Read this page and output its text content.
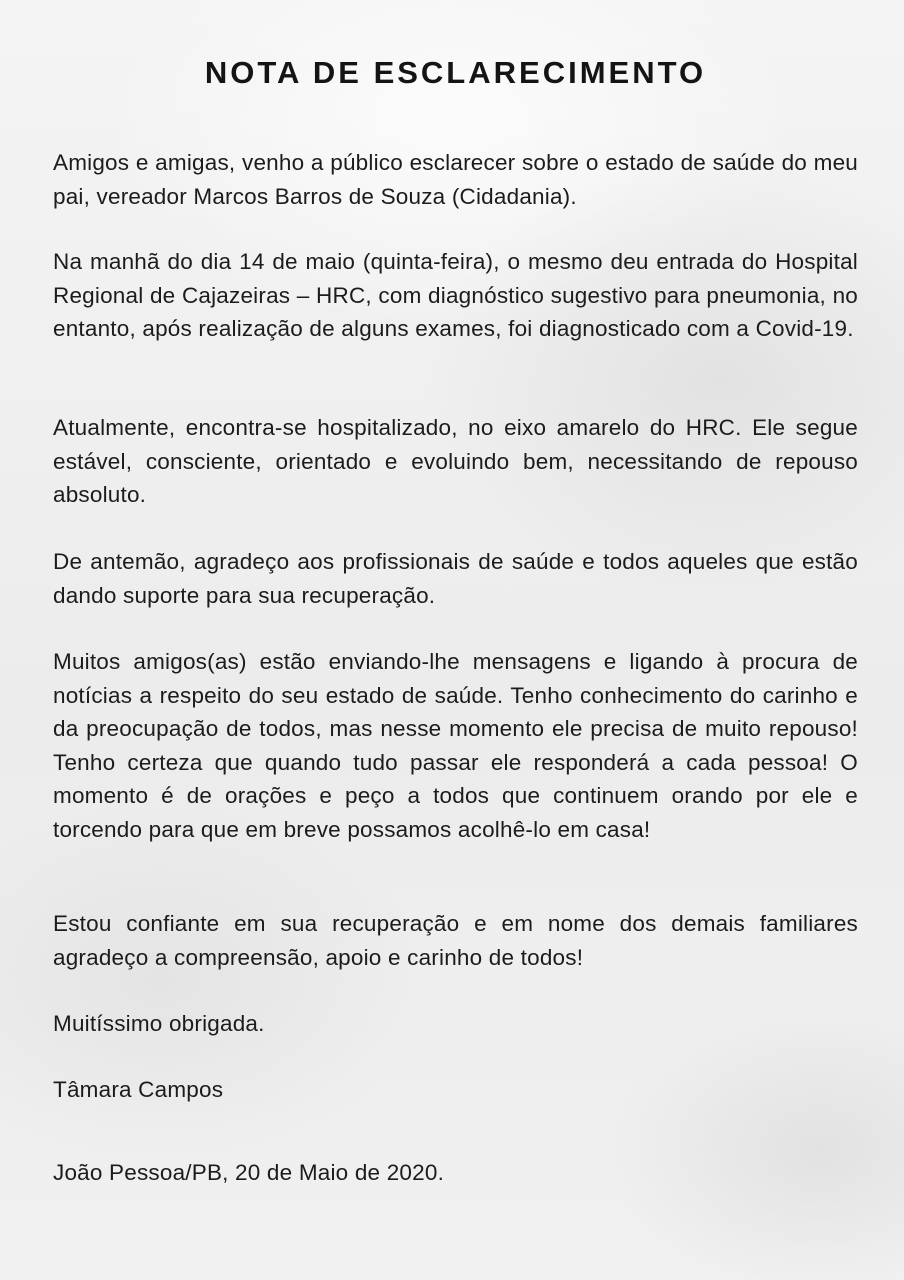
NOTA DE ESCLARECIMENTO

Amigos e amigas, venho a público esclarecer sobre o estado de saúde do meu pai, vereador Marcos Barros de Souza (Cidadania).

Na manhã do dia 14 de maio (quinta-feira), o mesmo deu entrada do Hospital Regional de Cajazeiras – HRC, com diagnóstico sugestivo para pneumonia, no entanto, após realização de alguns exames, foi diagnosticado com a Covid-19.

Atualmente, encontra-se hospitalizado, no eixo amarelo do HRC. Ele segue estável, consciente, orientado e evoluindo bem, necessitando de repouso absoluto.

De antemão, agradeço aos profissionais de saúde e todos aqueles que estão dando suporte para sua recuperação.

Muitos amigos(as) estão enviando-lhe mensagens e ligando à procura de notícias a respeito do seu estado de saúde. Tenho conhecimento do carinho e da preocupação de todos, mas nesse momento ele precisa de muito repouso! Tenho certeza que quando tudo passar ele responderá a cada pessoa! O momento é de orações e peço a todos que continuem orando por ele e torcendo para que em breve possamos acolhê-lo em casa!

Estou confiante em sua recuperação e em nome dos demais familiares agradeço a compreensão, apoio e carinho de todos!

Muitíssimo obrigada.

Tâmara Campos

João Pessoa/PB, 20 de Maio de 2020.
